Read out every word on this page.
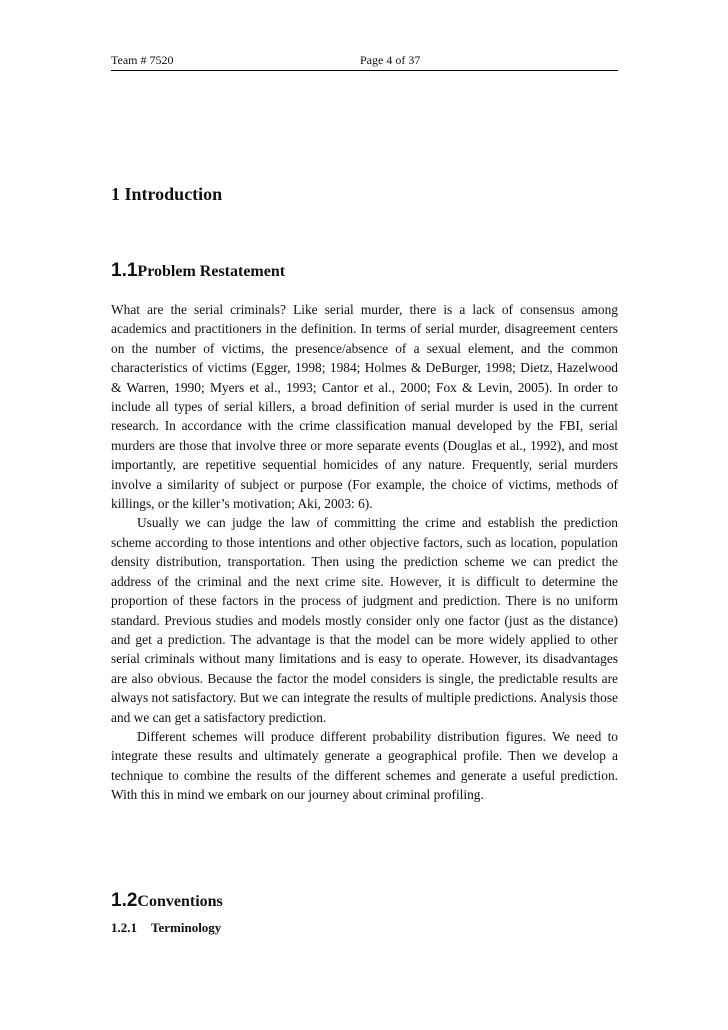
Team # 7520	Page 4 of 37
1 Introduction
1.1Problem Restatement

What are the serial criminals? Like serial murder, there is a lack of consensus among academics and practitioners in the definition. In terms of serial murder, disagreement centers on the number of victims, the presence/absence of a sexual element, and the common characteristics of victims (Egger, 1998; 1984; Holmes & DeBurger, 1998; Dietz, Hazelwood & Warren, 1990; Myers et al., 1993; Cantor et al., 2000; Fox & Levin, 2005). In order to include all types of serial killers, a broad definition of serial murder is used in the current research. In accordance with the crime classification manual developed by the FBI, serial murders are those that involve three or more separate events (Douglas et al., 1992), and most importantly, are repetitive sequential homicides of any nature. Frequently, serial murders involve a similarity of subject or purpose (For example, the choice of victims, methods of killings, or the killer’s motivation; Aki, 2003: 6).

Usually we can judge the law of committing the crime and establish the prediction scheme according to those intentions and other objective factors, such as location, population density distribution, transportation. Then using the prediction scheme we can predict the address of the criminal and the next crime site. However, it is difficult to determine the proportion of these factors in the process of judgment and prediction. There is no uniform standard. Previous studies and models mostly consider only one factor (just as the distance) and get a prediction. The advantage is that the model can be more widely applied to other serial criminals without many limitations and is easy to operate. However, its disadvantages are also obvious. Because the factor the model considers is single, the predictable results are always not satisfactory. But we can integrate the results of multiple predictions. Analysis those and we can get a satisfactory prediction.

Different schemes will produce different probability distribution figures. We need to integrate these results and ultimately generate a geographical profile. Then we develop a technique to combine the results of the different schemes and generate a useful prediction. With this in mind we embark on our journey about criminal profiling.

1.2Conventions
1.2.1 Terminology
